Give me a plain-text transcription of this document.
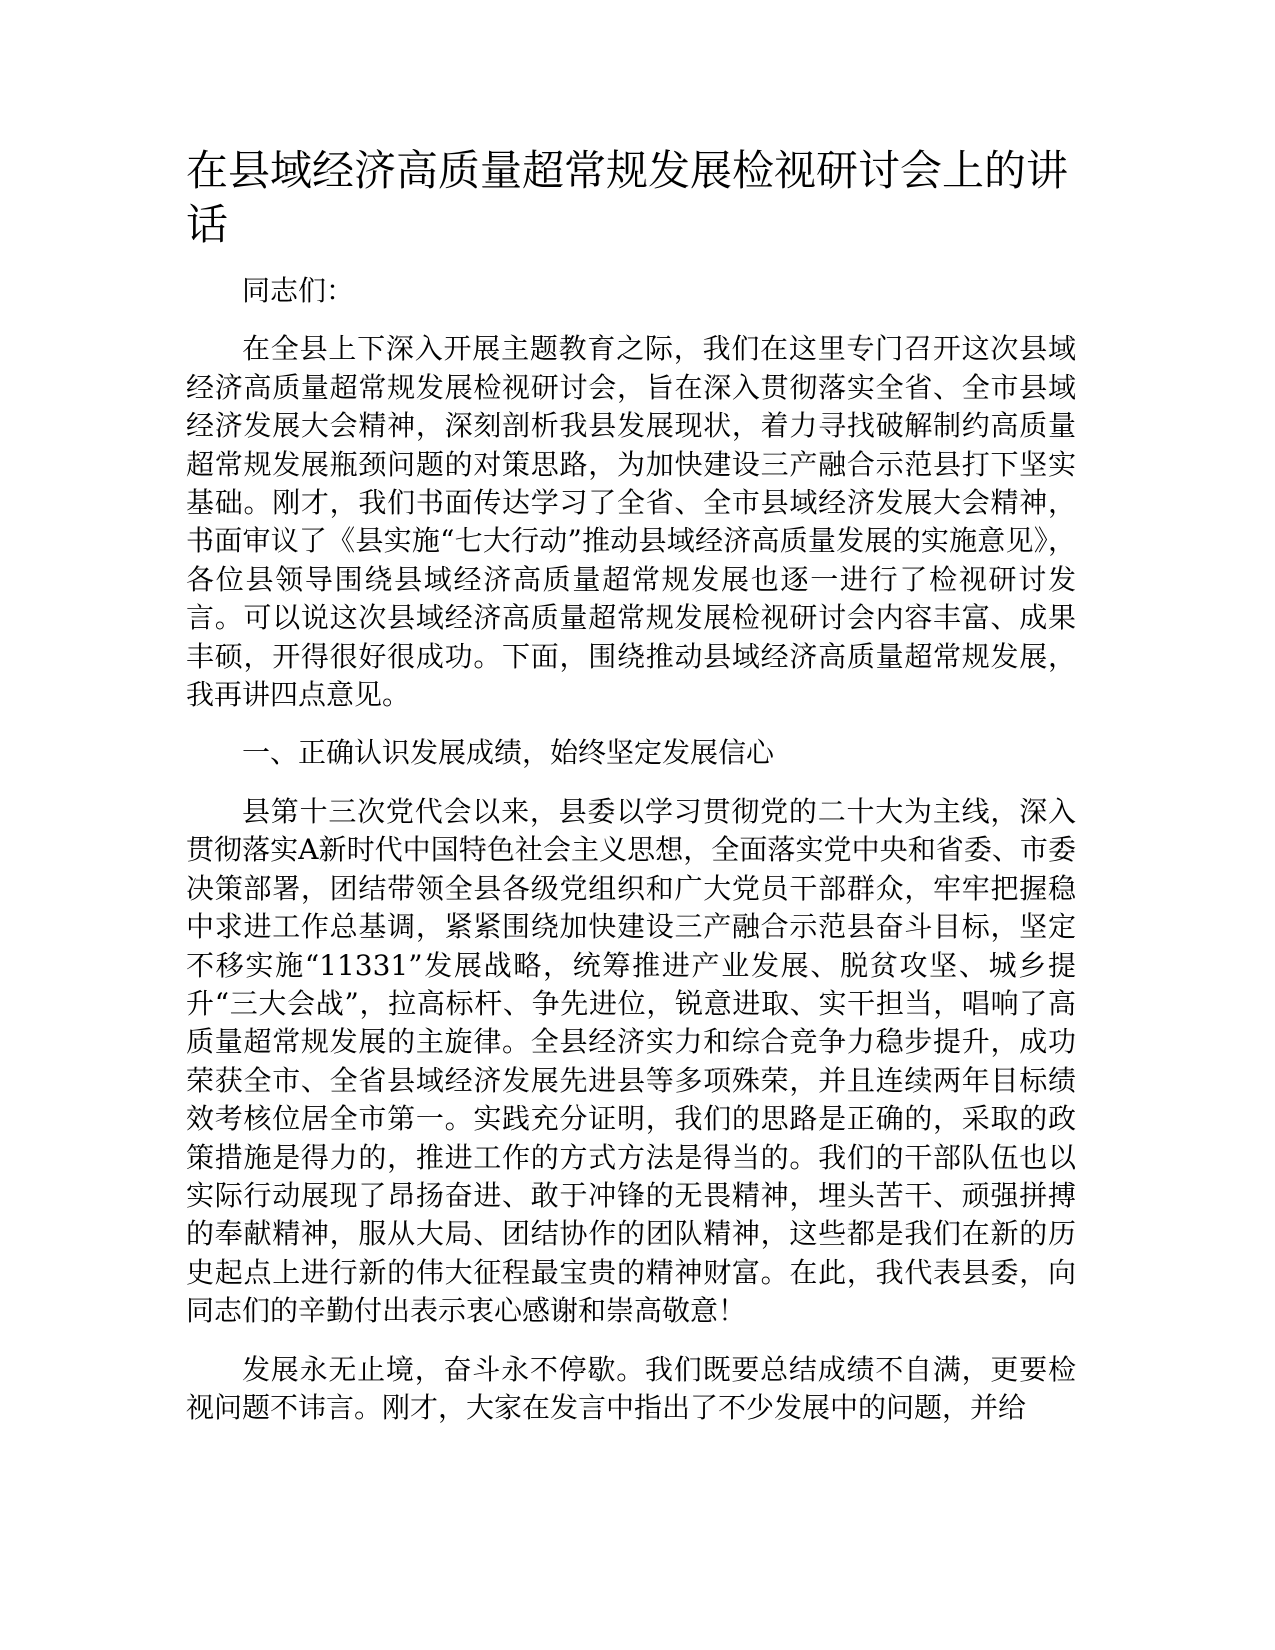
在县域经济高质量超常规发展检视研讨会上的讲话

同志们：

在全县上下深入开展主题教育之际，我们在这里专门召开这次县域经济高质量超常规发展检视研讨会，旨在深入贯彻落实全省、全市县域经济发展大会精神，深刻剖析我县发展现状，着力寻找破解制约高质量超常规发展瓶颈问题的对策思路，为加快建设三产融合示范县打下坚实基础。刚才，我们书面传达学习了全省、全市县域经济发展大会精神，书面审议了《县实施“七大行动”推动县域经济高质量发展的实施意见》，各位县领导围绕县域经济高质量超常规发展也逐一进行了检视研讨发言。可以说这次县域经济高质量超常规发展检视研讨会内容丰富、成果丰硕，开得很好很成功。下面，围绕推动县域经济高质量超常规发展，我再讲四点意见。

一、正确认识发展成绩，始终坚定发展信心

县第十三次党代会以来，县委以学习贯彻党的二十大为主线，深入贯彻落实A新时代中国特色社会主义思想，全面落实党中央和省委、市委决策部署，团结带领全县各级党组织和广大党员干部群众，牢牢把握稳中求进工作总基调，紧紧围绕加快建设三产融合示范县奋斗目标，坚定不移实施“11331”发展战略，统筹推进产业发展、脱贫攻坚、城乡提升“三大会战”，拉高标杆、争先进位，锐意进取、实干担当，唱响了高质量超常规发展的主旋律。全县经济实力和综合竞争力稳步提升，成功荣获全市、全省县域经济发展先进县等多项殊荣，并且连续两年目标绩效考核位居全市第一。实践充分证明，我们的思路是正确的，采取的政策措施是得力的，推进工作的方式方法是得当的。我们的干部队伍也以实际行动展现了昂扬奋进、敢于冲锋的无畏精神，埋头苦干、顽强拼搏的奉献精神，服从大局、团结协作的团队精神，这些都是我们在新的历史起点上进行新的伟大征程最宝贵的精神财富。在此，我代表县委，向同志们的辛勤付出表示衷心感谢和崇高敬意！

发展永无止境，奋斗永不停歇。我们既要总结成绩不自满，更要检视问题不讳言。刚才，大家在发言中指出了不少发展中的问题，并给
